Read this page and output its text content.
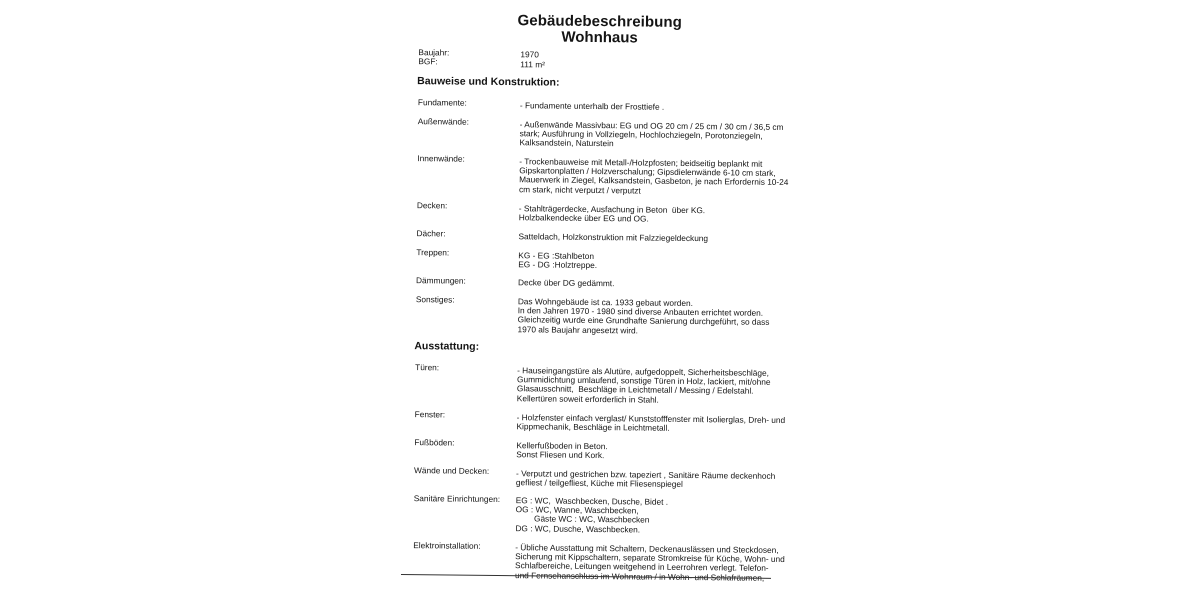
Gebäudebeschreibung
Wohnhaus
Baujahr:	1970
BGF:	111 m²
Bauweise und Konstruktion:
Fundamente:	- Fundamente unterhalb der Frosttiefe .
Außenwände:	- Außenwände Massivbau: EG und OG 20 cm / 25 cm / 30 cm / 36,5 cm
stark; Ausführung in Vollziegeln, Hochlochziegeln, Porotonziegeln,
Kalksandstein, Naturstein
Innenwände:	- Trockenbauweise mit Metall-/Holzpfosten; beidseitig beplankt mit
Gipskartonplatten / Holzverschalung; Gipsdielenwände 6-10 cm stark,
Mauerwerk in Ziegel, Kalksandstein, Gasbeton, je nach Erfordernis 10-24
cm stark, nicht verputzt / verputzt
Decken:	- Stahlträgerdecke, Ausfachung in Beton  über KG.
Holzbalkendecke über EG und OG.
Dächer:	Satteldach, Holzkonstruktion mit Falzziegeldeckung
Treppen:	KG - EG :Stahlbeton
EG - DG :Holztreppe.
Dämmungen:	Decke über DG gedämmt.
Sonstiges:	Das Wohngebäude ist ca. 1933 gebaut worden.
In den Jahren 1970 - 1980 sind diverse Anbauten errichtet worden.
Gleichzeitig wurde eine Grundhafte Sanierung durchgeführt, so dass
1970 als Baujahr angesetzt wird.
Ausstattung:
Türen:	- Hauseingangstüre als Alutüre, aufgedoppelt, Sicherheitsbeschläge,
Gummidichtung umlaufend, sonstige Türen in Holz, lackiert, mit/ohne
Glasausschnitt,  Beschläge in Leichtmetall / Messing / Edelstahl.
Kellertüren soweit erforderlich in Stahl.
Fenster:	- Holzfenster einfach verglast/ Kunststofffenster mit Isolierglas, Dreh- und
Kippmechanik, Beschläge in Leichtmetall.
Fußböden:	Kellerfußboden in Beton.
Sonst Fliesen und Kork.
Wände und Decken:	- Verputzt und gestrichen bzw. tapeziert , Sanitäre Räume deckenhoch
gefliest / teilgefliest, Küche mit Fliesenspiegel
Sanitäre Einrichtungen: EG : WC,  Waschbecken, Dusche, Bidet .
OG : WC, Wanne, Waschbecken,
Gäste WC : WC, Waschbecken
DG : WC, Dusche, Waschbecken.
Elektroinstallation:	- Übliche Ausstattung mit Schaltern, Deckenauslässen und Steckdosen,
Sicherung mit Kippschaltern, separate Stromkreise für Küche, Wohn- und
Schlafbereiche, Leitungen weitgehend in Leerrohren verlegt. Telefon-
und Fernsehanschluss im Wohnraum / in Wohn- und Schlafräumen,
